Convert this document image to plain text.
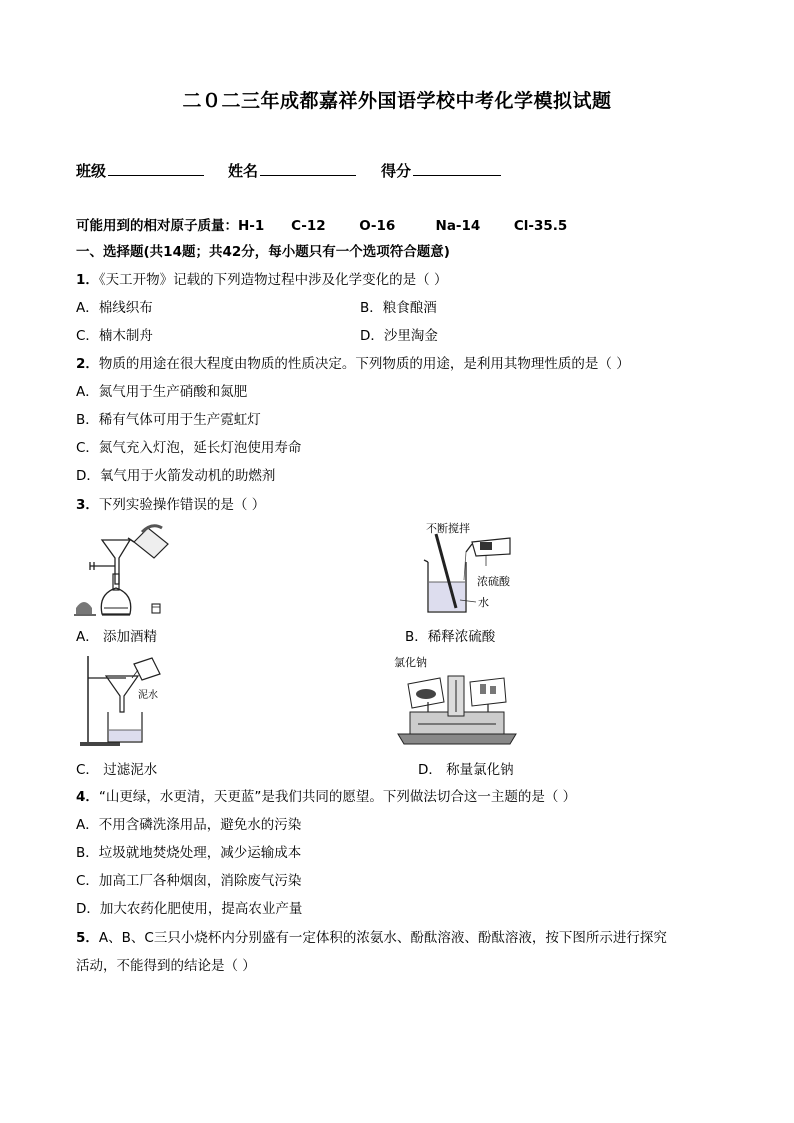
二０二三年成都嘉祥外国语学校中考化学模拟试题
班级	姓名	得分
可能用到的相对原子质量：H-1    C-12     O-16      Na-14     Cl-35.5
一、选择题(共14题；共42分，每小题只有一个选项符合题意)
1．《天工开物》记载的下列造物过程中涉及化学变化的是（ ）
A．棉线织布	B．粮食酿酒
C．楠木制舟	D．沙里淘金
2．物质的用途在很大程度由物质的性质决定。下列物质的用途，是利用其物理性质的是（ ）
A．氮气用于生产硝酸和氮肥
B．稀有气体可用于生产霓虹灯
C．氮气充入灯泡，延长灯泡使用寿命
D．氧气用于火箭发动机的助燃剂
3．下列实验操作错误的是（ ）
不断搅拌
浓硫酸
水
A． 添加酒精	B．稀释浓硫酸
泥水
氯化钠
C． 过滤泥水	D． 称量氯化钠
4．“山更绿，水更清，天更蓝”是我们共同的愿望。下列做法切合这一主题的是（ ）
A．不用含磷洗涤用品，避免水的污染
B．垃圾就地焚烧处理，减少运输成本
C．加高工厂各种烟囱，消除废气污染
D．加大农药化肥使用，提高农业产量
5．A、B、C三只小烧杯内分别盛有一定体积的浓氨水、酚酞溶液、酚酞溶液，按下图所示进行探究
活动，不能得到的结论是（ ）
